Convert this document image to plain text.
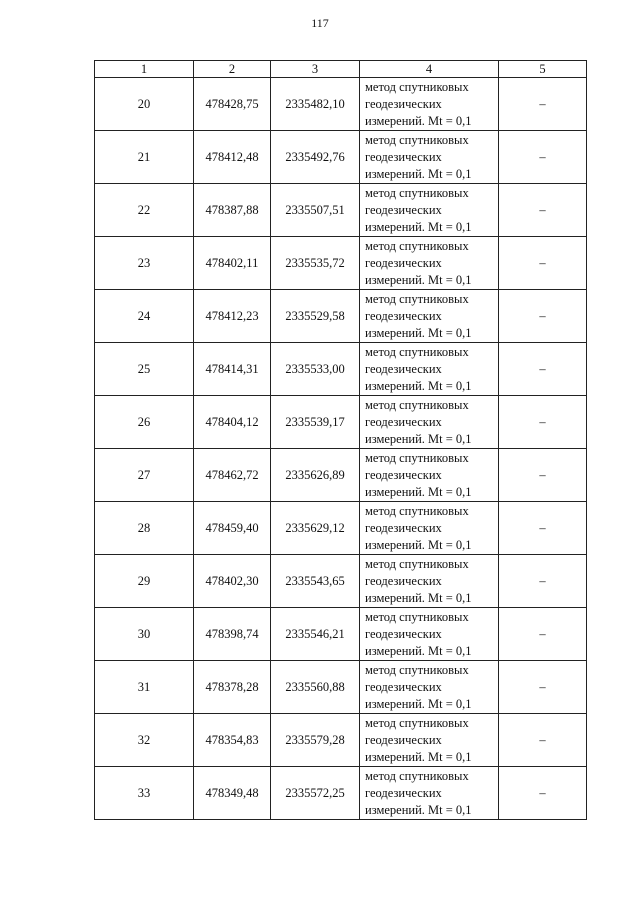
117
1	2	3	4	5
20	478428,75	2335482,10	метод спутниковых
геодезических
измерений. Mt = 0,1	–
21	478412,48	2335492,76	метод спутниковых
геодезических
измерений. Mt = 0,1	–
22	478387,88	2335507,51	метод спутниковых
геодезических
измерений. Mt = 0,1	–
23	478402,11	2335535,72	метод спутниковых
геодезических
измерений. Mt = 0,1	–
24	478412,23	2335529,58	метод спутниковых
геодезических
измерений. Mt = 0,1	–
25	478414,31	2335533,00	метод спутниковых
геодезических
измерений. Mt = 0,1	–
26	478404,12	2335539,17	метод спутниковых
геодезических
измерений. Mt = 0,1	–
27	478462,72	2335626,89	метод спутниковых
геодезических
измерений. Mt = 0,1	–
28	478459,40	2335629,12	метод спутниковых
геодезических
измерений. Mt = 0,1	–
29	478402,30	2335543,65	метод спутниковых
геодезических
измерений. Mt = 0,1	–
30	478398,74	2335546,21	метод спутниковых
геодезических
измерений. Mt = 0,1	–
31	478378,28	2335560,88	метод спутниковых
геодезических
измерений. Mt = 0,1	–
32	478354,83	2335579,28	метод спутниковых
геодезических
измерений. Mt = 0,1	–
33	478349,48	2335572,25	метод спутниковых
геодезических
измерений. Mt = 0,1	–
